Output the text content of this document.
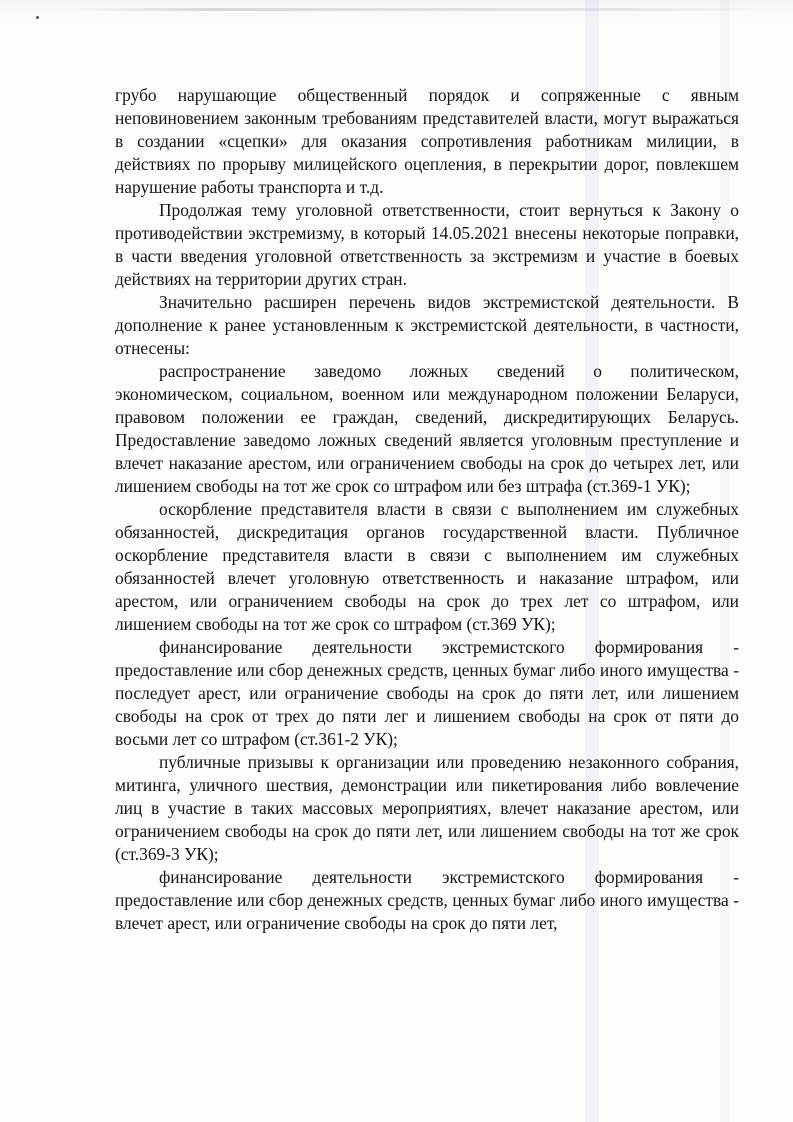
грубо нарушающие общественный порядок и сопряженные с явным неповиновением законным требованиям представителей власти, могут выражаться в создании «сцепки» для оказания сопротивления работникам милиции, в действиях по прорыву милицейского оцепления, в перекрытии дорог, повлекшем нарушение работы транспорта и т.д.

Продолжая тему уголовной ответственности, стоит вернуться к Закону о противодействии экстремизму, в который 14.05.2021 внесены некоторые поправки, в части введения уголовной ответственность за экстремизм и участие в боевых действиях на территории других стран.

Значительно расширен перечень видов экстремистской деятельности. В дополнение к ранее установленным к экстремистской деятельности, в частности, отнесены:

распространение заведомо ложных сведений о политическом, экономическом, социальном, военном или международном положении Беларуси, правовом положении ее граждан, сведений, дискредитирующих Беларусь. Предоставление заведомо ложных сведений является уголовным преступление и влечет наказание арестом, или ограничением свободы на срок до четырех лет, или лишением свободы на тот же срок со штрафом или без штрафа (ст.369-1 УК);

оскорбление представителя власти в связи с выполнением им служебных обязанностей, дискредитация органов государственной власти. Публичное оскорбление представителя власти в связи с выполнением им служебных обязанностей влечет уголовную ответственность и наказание штрафом, или арестом, или ограничением свободы на срок до трех лет со штрафом, или лишением свободы на тот же срок со штрафом (ст.369 УК);

финансирование деятельности экстремистского формирования - предоставление или сбор денежных средств, ценных бумаг либо иного имущества - последует арест, или ограничение свободы на срок до пяти лет, или лишением свободы на срок от трех до пяти лег и лишением свободы на срок от пяти до восьми лет со штрафом (ст.361-2 УК);

публичные призывы к организации или проведению незаконного собрания, митинга, уличного шествия, демонстрации или пикетирования либо вовлечение лиц в участие в таких массовых мероприятиях, влечет наказание арестом, или ограничением свободы на срок до пяти лет, или лишением свободы на тот же срок (ст.369-3 УК);

финансирование деятельности экстремистского формирования - предоставление или сбор денежных средств, ценных бумаг либо иного имущества - влечет арест, или ограничение свободы на срок до пяти лет,
